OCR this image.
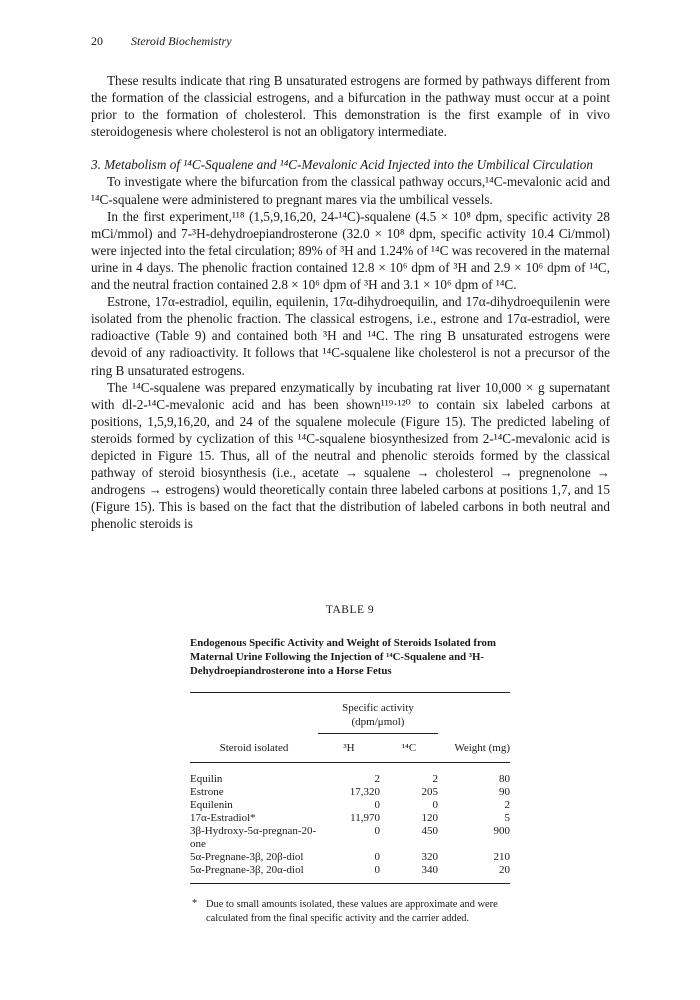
20 Steroid Biochemistry

These results indicate that ring B unsaturated estrogens are formed by pathways different from the formation of the classicial estrogens, and a bifurcation in the pathway must occur at a point prior to the formation of cholesterol. This demonstration is the first example of in vivo steroidogenesis where cholesterol is not an obligatory intermediate.

3. Metabolism of ¹⁴C-Squalene and ¹⁴C-Mevalonic Acid Injected into the Umbilical Circulation

To investigate where the bifurcation from the classical pathway occurs,¹⁴C-mevalonic acid and ¹⁴C-squalene were administered to pregnant mares via the umbilical vessels.

In the first experiment,¹¹⁸ (1,5,9,16,20, 24-¹⁴C)-squalene (4.5 × 10⁸ dpm, specific activity 28 mCi/mmol) and 7-³H-dehydroepiandrosterone (32.0 × 10⁸ dpm, specific activity 10.4 Ci/mmol) were injected into the fetal circulation; 89% of ³H and 1.24% of ¹⁴C was recovered in the maternal urine in 4 days. The phenolic fraction contained 12.8 × 10⁶ dpm of ³H and 2.9 × 10⁶ dpm of ¹⁴C, and the neutral fraction contained 2.8 × 10⁶ dpm of ³H and 3.1 × 10⁶ dpm of ¹⁴C.

Estrone, 17α-estradiol, equilin, equilenin, 17α-dihydroequilin, and 17α-dihydroequilenin were isolated from the phenolic fraction. The classical estrogens, i.e., estrone and 17α-estradiol, were radioactive (Table 9) and contained both ³H and ¹⁴C. The ring B unsaturated estrogens were devoid of any radioactivity. It follows that ¹⁴C-squalene like cholesterol is not a precursor of the ring B unsaturated estrogens.

The ¹⁴C-squalene was prepared enzymatically by incubating rat liver 10,000 × g supernatant with dl-2-¹⁴C-mevalonic acid and has been shown¹¹⁹·¹²⁰ to contain six labeled carbons at positions, 1,5,9,16,20, and 24 of the squalene molecule (Figure 15). The predicted labeling of steroids formed by cyclization of this ¹⁴C-squalene biosynthesized from 2-¹⁴C-mevalonic acid is depicted in Figure 15. Thus, all of the neutral and phenolic steroids formed by the classical pathway of steroid biosynthesis (i.e., acetate → squalene → cholesterol → pregnenolone → androgens → estrogens) would theoretically contain three labeled carbons at positions 1,7, and 15 (Figure 15). This is based on the fact that the distribution of labeled carbons in both neutral and phenolic steroids is

TABLE 9
Endogenous Specific Activity and Weight of Steroids Isolated from Maternal Urine Following the Injection of ¹⁴C-Squalene and ³H-Dehydroepiandrosterone into a Horse Fetus
	Specific activity (dpm/μmol)		
Steroid isolated	³H	¹⁴C	Weight (mg)
Equilin	2	2	80
Estrone	17,320	205	90
Equilenin	0	0	2
17α-Estradiol*	11,970	120	5
3β-Hydroxy-5α-pregnan-20-one	0	450	900
5α-Pregnane-3β, 20β-diol	0	320	210
5α-Pregnane-3β, 20α-diol	0	340	20
* Due to small amounts isolated, these values are approximate and were calculated from the final specific activity and the carrier added.
